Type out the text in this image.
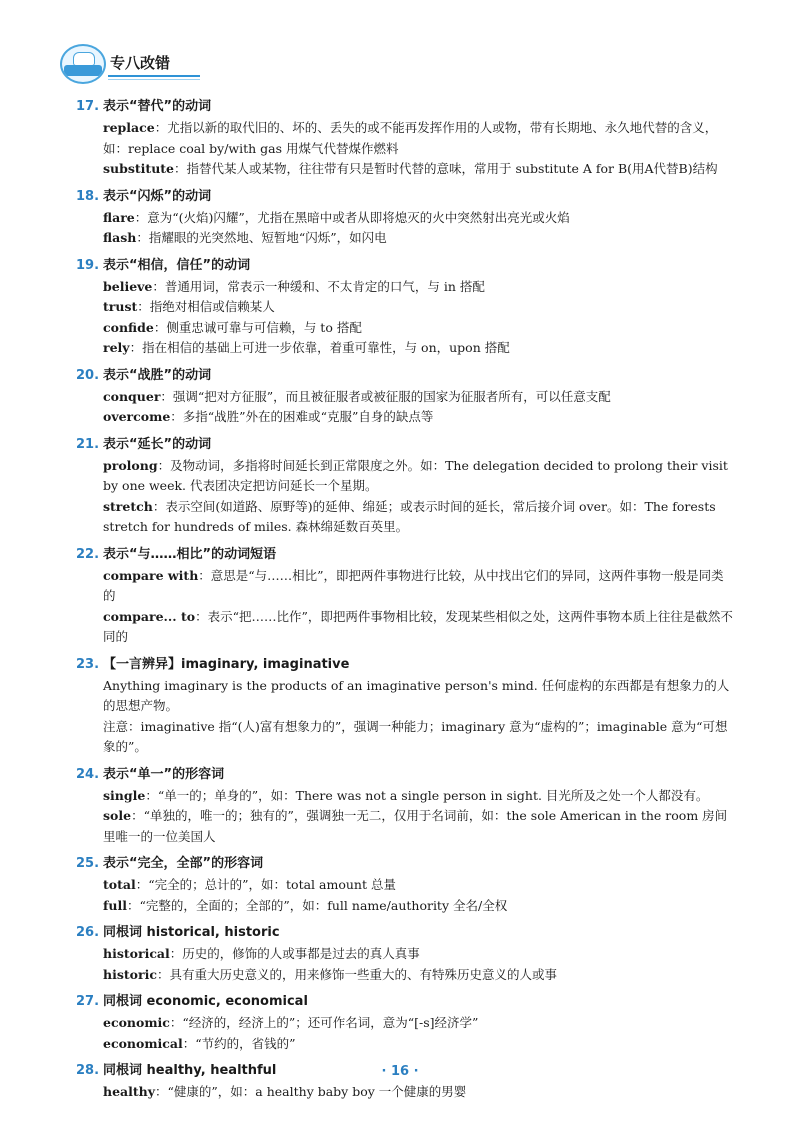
专八改错
17. 表示“替代”的动词
replace：尤指以新的取代旧的、坏的、丢失的或不能再发挥作用的人或物，带有长期地、永久地代替的含义，如：replace coal by/with gas 用煤气代替煤作燃料
substitute：指替代某人或某物，往往带有只是暂时代替的意味，常用于 substitute A for B(用A代替B)结构
18. 表示“闪烁”的动词
flare：意为“(火焰)闪耀”，尤指在黑暗中或者从即将熄灭的火中突然射出亮光或火焰
flash：指耀眼的光突然地、短暂地“闪烁”，如闪电
19. 表示“相信，信任”的动词
believe：普通用词，常表示一种缓和、不太肯定的口气，与 in 搭配
trust：指绝对相信或信赖某人
confide：侧重忠诚可靠与可信赖，与 to 搭配
rely：指在相信的基础上可进一步依靠，着重可靠性，与 on，upon 搭配
20. 表示“战胜”的动词
conquer：强调“把对方征服”，而且被征服者或被征服的国家为征服者所有，可以任意支配
overcome：多指“战胜”外在的困难或“克服”自身的缺点等
21. 表示“延长”的动词
prolong：及物动词，多指将时间延长到正常限度之外。如：The delegation decided to prolong their visit by one week. 代表团决定把访问延长一个星期。
stretch：表示空间(如道路、原野等)的延伸、绵延；或表示时间的延长，常后接介词 over。如：The forests stretch for hundreds of miles. 森林绵延数百英里。
22. 表示“与……相比”的动词短语
compare with：意思是“与……相比”，即把两件事物进行比较，从中找出它们的异同，这两件事物一般是同类的
compare... to：表示“把……比作”，即把两件事物相比较，发现某些相似之处，这两件事物本质上往往是截然不同的
23. 【一言辨异】imaginary, imaginative
Anything imaginary is the products of an imaginative person's mind. 任何虚构的东西都是有想象力的人的思想产物。
注意：imaginative 指“(人)富有想象力的”，强调一种能力；imaginary 意为“虚构的”；imaginable 意为“可想象的”。
24. 表示“单一”的形容词
single：“单一的；单身的”，如：There was not a single person in sight. 目光所及之处一个人都没有。
sole：“单独的，唯一的；独有的”，强调独一无二，仅用于名词前，如：the sole American in the room 房间里唯一的一位美国人
25. 表示“完全，全部”的形容词
total：“完全的；总计的”，如：total amount 总量
full：“完整的，全面的；全部的”，如：full name/authority 全名/全权
26. 同根词 historical, historic
historical：历史的，修饰的人或事都是过去的真人真事
historic：具有重大历史意义的，用来修饰一些重大的、有特殊历史意义的人或事
27. 同根词 economic, economical
economic：“经济的，经济上的”；还可作名词，意为“[-s]经济学”
economical：“节约的，省钱的”
28. 同根词 healthy, healthful
healthy：“健康的”，如：a healthy baby boy 一个健康的男婴
· 16 ·
